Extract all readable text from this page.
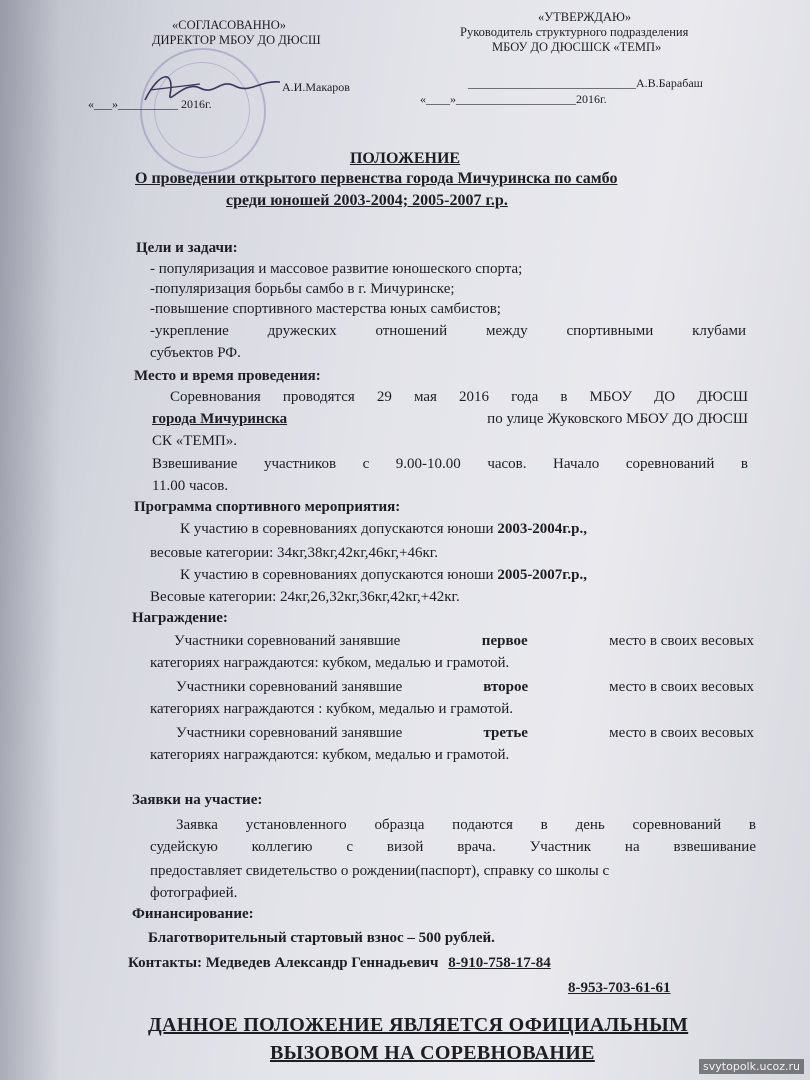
«СОГЛАСОВАННО»
ДИРЕКТОР МБОУ ДО ДЮСШ
А.И.Макаров
«___»__________ 2016г.
«УТВЕРЖДАЮ»
Руководитель структурного подразделения
МБОУ ДО ДЮСШСК «ТЕМП»
____________________________А.В.Барабаш
«____»____________________2016г.
ПОЛОЖЕНИЕ
О проведении открытого первенства города Мичуринска по самбо
среди юношей 2003-2004; 2005-2007 г.р.
Цели и задачи:
- популяризация и массовое развитие юношеского спорта;
-популяризация борьбы самбо в г. Мичуринске;
-повышение спортивного мастерства юных самбистов;
-укрепление дружеских отношений между спортивными клубами
субъектов РФ.
Место и время проведения:
Соревнования проводятся 29 мая 2016 года в МБОУ ДО ДЮСШ
города Мичуринска	по улице Жуковского МБОУ ДО ДЮСШ
СК «ТЕМП».
Взвешивание участников с 9.00-10.00 часов. Начало соревнований в
11.00 часов.
Программа спортивного мероприятия:
К участию в соревнованиях допускаются юноши 2003-2004г.р.,
весовые категории: 34кг,38кг,42кг,46кг,+46кг.
К участию в соревнованиях допускаются юноши 2005-2007г.р.,
Весовые категории: 24кг,26,32кг,36кг,42кг,+42кг.
Награждение:
Участники соревнований занявшие	первое	место в своих весовых
категориях награждаются: кубком, медалью и грамотой.
Участники соревнований занявшие	второе	место в своих весовых
категориях награждаются : кубком, медалью и грамотой.
Участники соревнований занявшие	третье	место в своих весовых
категориях награждаются: кубком, медалью и грамотой.
Заявки на участие:
Заявка установленного образца подаются в день соревнований в
судейскую коллегию с визой врача. Участник на взвешивание
предоставляет свидетельство о рождении(паспорт), справку со школы с
фотографией.
Финансирование:
Благотворительный стартовый взнос – 500 рублей.
Контакты: Медведев Александр Геннадьевич 8-910-758-17-84
8-953-703-61-61
ДАННОЕ ПОЛОЖЕНИЕ ЯВЛЯЕТСЯ ОФИЦИАЛЬНЫМ
ВЫЗОВОМ НА СОРЕВНОВАНИЕ
svytopolk.ucoz.ru
